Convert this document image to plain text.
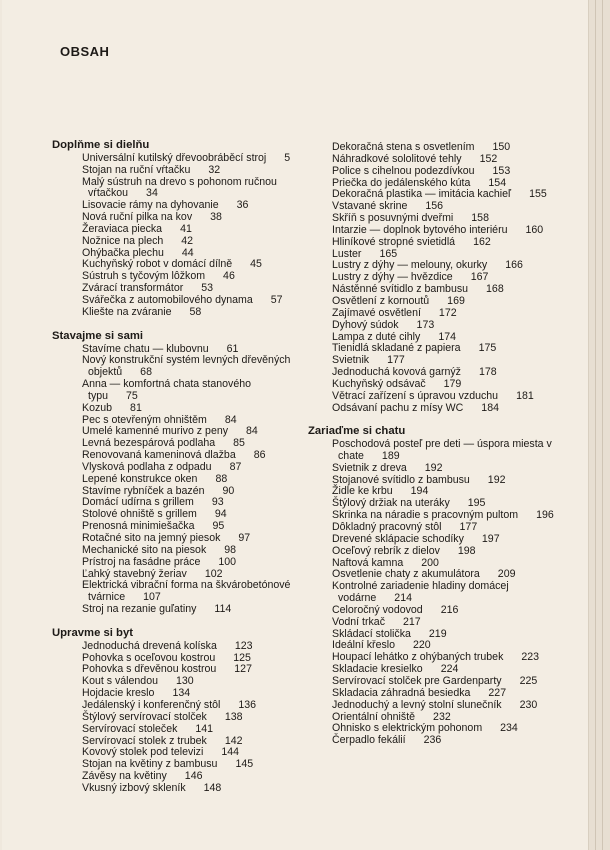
OBSAH
Doplňme si dielňu
Universální kutilský dřevoobráběcí stroj 5
Stojan na ruční vŕtačku 32
Malý sústruh na drevo s pohonom ručnou vŕtačkou 34
Lisovacie rámy na dyhovanie 36
Nová ruční pilka na kov 38
Žeraviaca piecka 41
Nožnice na plech 42
Ohýbačka plechu 44
Kuchyňský robot v domácí dílně 45
Sústruh s tyčovým lôžkom 46
Zvárací transformátor 53
Svářečka z automobilového dynama 57
Kliešte na zváranie 58
Stavajme si sami
Stavíme chatu — klubovnu 61
Nový konstrukční systém levných dřevěných objektů 68
Anna — komfortná chata stanového typu 75
Kozub 81
Pec s otevřeným ohništěm 84
Umelé kamenné murivo z peny 84
Levná bezespárová podlaha 85
Renovovaná kameninová dlažba 86
Vlysková podlaha z odpadu 87
Lepené konstrukce oken 88
Stavíme rybníček a bazén 90
Domácí udírna s grillem 93
Stolové ohniště s grillem 94
Prenosná minimiešačka 95
Rotačné sito na jemný piesok 97
Mechanické sito na piesok 98
Prístroj na fasádne práce 100
Ľahký stavebný žeriav 102
Elektrická vibrační forma na škvárobetónové tvárnice 107
Stroj na rezanie guľatiny 114
Upravme si byt
Jednoduchá drevená kolíska 123
Pohovka s oceľovou kostrou 125
Pohovka s dřevěnou kostrou 127
Kout s válendou 130
Hojdacie kreslo 134
Jedálenský i konferenčný stôl 136
Štýlový servírovací stolček 138
Servírovací stoleček 141
Servírovací stolek z trubek 142
Kovový stolek pod televizi 144
Stojan na květiny z bambusu 145
Závěsy na květiny 146
Vkusný izbový skleník 148
Dekoračná stena s osvetlením 150
Náhradkové sololitové tehly 152
Police s cihelnou podezdívkou 153
Priečka do jedálenského kúta 154
Dekoračná plastika — imitácia kachieľ 155
Vstavané skrine 156
Skříň s posuvnými dveřmi 158
Intarzie — doplnok bytového interiéru 160
Hliníkové stropné svietidlá 162
Luster 165
Lustry z dýhy — melouny, okurky 166
Lustry z dýhy — hvězdice 167
Nástěnné svítidlo z bambusu 168
Osvětlení z kornoutů 169
Zajímavé osvětlení 172
Dyhový súdok 173
Lampa z duté cihly 174
Tienidlá skladané z papiera 175
Svietnik 177
Jednoduchá kovová garnýž 178
Kuchyňský odsávač 179
Větrací zařízení s úpravou vzduchu 181
Odsávaní pachu z mísy WC 184
Zariaďme si chatu
Poschodová posteľ pre deti — úspora miesta v chate 189
Svietnik z dreva 192
Stojanové svítidlo z bambusu 192
Židle ke krbu 194
Štýlový držiak na uteráky 195
Skrinka na náradie s pracovným pultom 196
Dôkladný pracovný stôl 177
Drevené sklápacie schodíky 197
Oceľový rebrík z dielov 198
Naftová kamna 200
Osvetlenie chaty z akumulátora 209
Kontrolné zariadenie hladiny domácej vodárne 214
Celoročný vodovod 216
Vodní trkač 217
Skládací stolička 219
Ideální křeslo 220
Houpací lehátko z ohýbaných trubek 223
Skladacie kresielko 224
Servírovací stolček pre Gardenparty 225
Skladacia záhradná besiedka 227
Jednoduchý a levný stolní slunečník 230
Orientální ohniště 232
Ohnisko s elektrickým pohonom 234
Čerpadlo fekálií 236
